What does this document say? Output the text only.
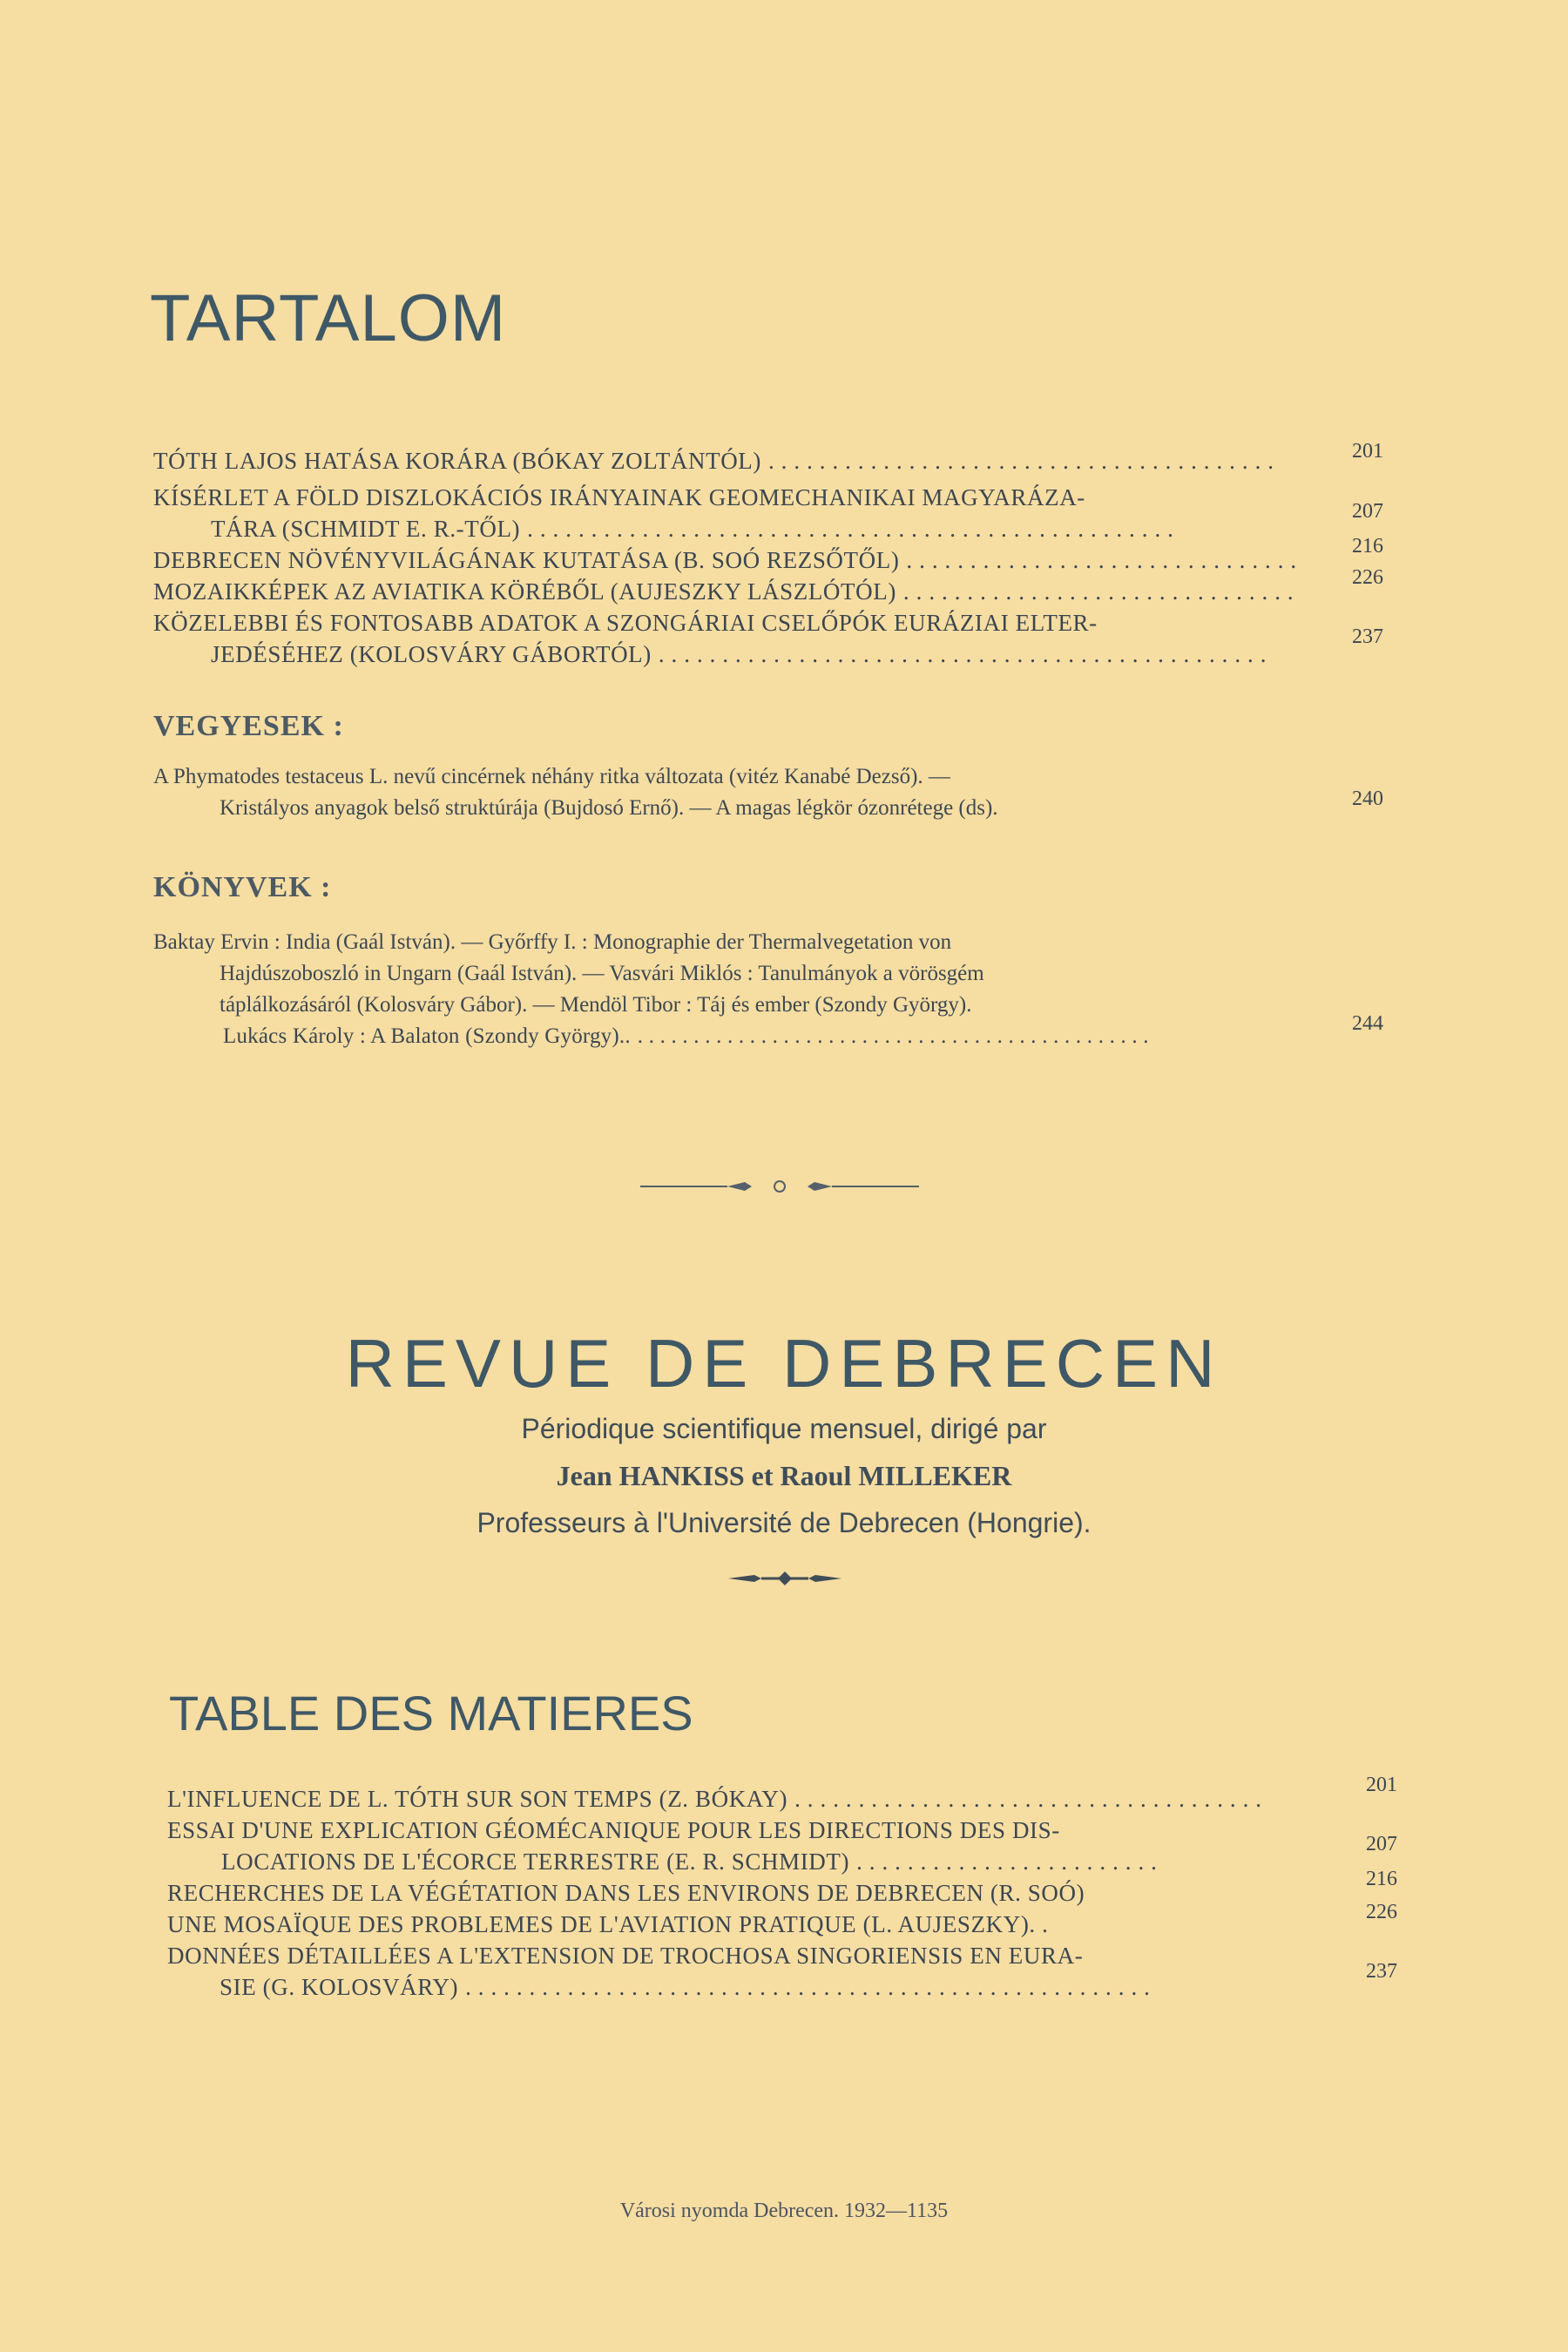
TARTALOM
TÓTH LAJOS HATÁSA KORÁRA (BÓKAY ZOLTÁNTÓL) . . . . . . . . . . . . . . . . . . . . . . . . . . . . . . . . . . . . . . . .	201
KÍSÉRLET A FÖLD DISZLOKÁCIÓS IRÁNYAINAK GEOMECHANIKAI MAGYARÁZA-
TÁRA (SCHMIDT E. R.-TŐL) . . . . . . . . . . . . . . . . . . . . . . . . . . . . . . . . . . . . . . . . . . . . . . . . . . .
207
DEBRECEN NÖVÉNYVILÁGÁNAK KUTATÁSA (B. SOÓ REZSŐTŐL) . . . . . . . . . . . . . . . . . . . . . . . . . . . . . . .
216
MOZAIKKÉPEK AZ AVIATIKA KÖRÉBŐL (AUJESZKY LÁSZLÓTÓL) . . . . . . . . . . . . . . . . . . . . . . . . . . . . . . .
226
KÖZELEBBI ÉS FONTOSABB ADATOK A SZONGÁRIAI CSELŐPÓK EURÁZIAI ELTER-
JEDÉSÉHEZ (KOLOSVÁRY GÁBORTÓL) . . . . . . . . . . . . . . . . . . . . . . . . . . . . . . . . . . . . . . . . . . . . . . . .
237
VEGYESEK :
A Phymatodes testaceus L. nevű cincérnek néhány ritka változata (vitéz Kanabé Dezső). —
Kristályos anyagok belső struktúrája (Bujdosó Ernő). — A magas légkör ózonrétege (ds).	240
KÖNYVEK :
Baktay Ervin : India (Gaál István). — Győrffy I. : Monographie der Thermalvegetation von
Hajdúszoboszló in Ungarn (Gaál István). — Vasvári Miklós : Tanulmányok a vörösgém
táplálkozásáról (Kolosváry Gábor). — Mendöl Tibor : Táj és ember (Szondy György).
Lukács Károly : A Balaton (Szondy György).. . . . . . . . . . . . . . . . . . . . . . . . . . . . . . . . . . . . . . . . . . . . . . .
244
REVUE DE DEBRECEN
Périodique scientifique mensuel, dirigé par
Jean HANKISS et Raoul MILLEKER
Professeurs à l'Université de Debrecen (Hongrie).
TABLE DES MATIERES
L'INFLUENCE DE L. TÓTH SUR SON TEMPS (Z. BÓKAY) . . . . . . . . . . . . . . . . . . . . . . . . . . . . . . . . . . . . .
201
ESSAI D'UNE EXPLICATION GÉOMÉCANIQUE POUR LES DIRECTIONS DES DIS-
LOCATIONS DE L'ÉCORCE TERRESTRE (E. R. SCHMIDT) . . . . . . . . . . . . . . . . . . . . . . . .
207
RECHERCHES DE LA VÉGÉTATION DANS LES ENVIRONS DE DEBRECEN (R. SOÓ)
216
UNE MOSAÏQUE DES PROBLEMES DE L'AVIATION PRATIQUE (L. AUJESZKY). .	226
DONNÉES DÉTAILLÉES A L'EXTENSION DE TROCHOSA SINGORIENSIS EN EURA-
SIE (G. KOLOSVÁRY) . . . . . . . . . . . . . . . . . . . . . . . . . . . . . . . . . . . . . . . . . . . . . . . . . . . . . .
237
Városi nyomda Debrecen. 1932—1135
